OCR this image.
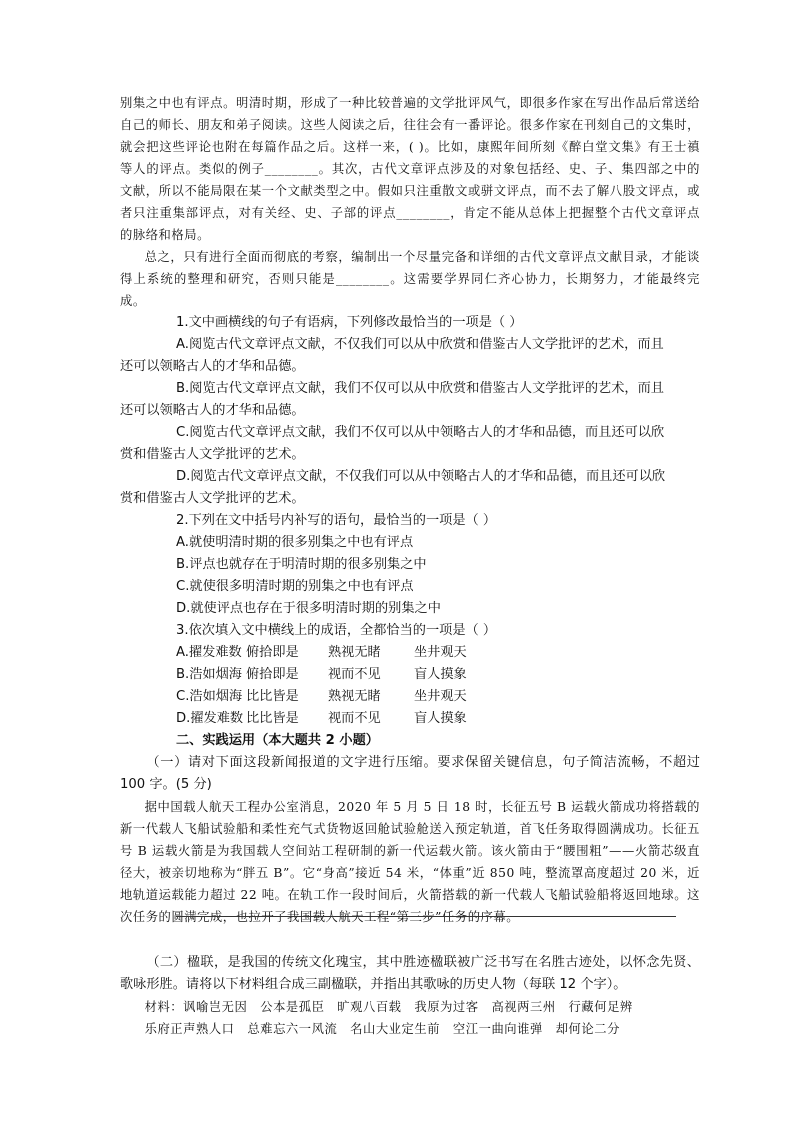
别集之中也有评点。明清时期，形成了一种比较普遍的文学批评风气，即很多作家在写出作品后常送给自己的师长、朋友和弟子阅读。这些人阅读之后，往往会有一番评论。很多作家在刊刻自己的文集时，就会把这些评论也附在每篇作品之后。这样一来，( )。比如，康熙年间所刻《醉白堂文集》有王士禛等人的评点。类似的例子________。其次，古代文章评点涉及的对象包括经、史、子、集四部之中的文献，所以不能局限在某一个文献类型之中。假如只注重散文或骈文评点，而不去了解八股文评点，或者只注重集部评点，对有关经、史、子部的评点________，肯定不能从总体上把握整个古代文章评点的脉络和格局。

总之，只有进行全面而彻底的考察，编制出一个尽量完备和详细的古代文章评点文献目录，才能谈得上系统的整理和研究，否则只能是________。这需要学界同仁齐心协力，长期努力，才能最终完成。

1.文中画横线的句子有语病，下列修改最恰当的一项是（ ）

A.阅览古代文章评点文献，不仅我们可以从中欣赏和借鉴古人文学批评的艺术，而且

还可以领略古人的才华和品德。

B.阅览古代文章评点文献，我们不仅可以从中欣赏和借鉴古人文学批评的艺术，而且

还可以领略古人的才华和品德。

C.阅览古代文章评点文献，我们不仅可以从中领略古人的才华和品德，而且还可以欣

赏和借鉴古人文学批评的艺术。

D.阅览古代文章评点文献，不仅我们可以从中领略古人的才华和品德，而且还可以欣

赏和借鉴古人文学批评的艺术。

2.下列在文中括号内补写的语句，最恰当的一项是（ ）

A.就使明清时期的很多别集之中也有评点

B.评点也就存在于明清时期的很多别集之中

C.就使很多明清时期的别集之中也有评点

D.就使评点也存在于很多明清时期的别集之中

3.依次填入文中横线上的成语，全都恰当的一项是（ ）

A.擢发难数 俯拾即是	熟视无睹	坐井观天
B.浩如烟海 俯拾即是	视而不见	盲人摸象
C.浩如烟海 比比皆是	熟视无睹	坐井观天
D.擢发难数 比比皆是	视而不见	盲人摸象

二、实践运用（本大题共 2 小题）

（一）请对下面这段新闻报道的文字进行压缩。要求保留关键信息，句子简洁流畅，不超过 100 字。(5 分)

据中国载人航天工程办公室消息，2020 年 5 月 5 日 18 时，长征五号 B 运载火箭成功将搭载的新一代载人飞船试验船和柔性充气式货物返回舱试验舱送入预定轨道，首飞任务取得圆满成功。长征五号 B 运载火箭是为我国载人空间站工程研制的新一代运载火箭。该火箭由于“腰围粗”——火箭芯级直径大，被亲切地称为“胖五 B”。它“身高”接近 54 米，“体重”近 850 吨，整流罩高度超过 20 米，近地轨道运载能力超过 22 吨。在轨工作一段时间后，火箭搭载的新一代载人飞船试验船将返回地球。这次任务的圆满完成，也拉开了我国载人航天工程“第三步”任务的序幕。

（二）楹联，是我国的传统文化瑰宝，其中胜迹楹联被广泛书写在名胜古迹处，以怀念先贤、歌咏形胜。请将以下材料组合成三副楹联，并指出其歌咏的历史人物（每联 12 个字）。

材料：讽喻岂无因　公本是孤臣　旷观八百载　我原为过客　高视两三州　行藏何足辨

乐府正声熟人口　总难忘六一风流　名山大业定生前　空江一曲向谁弹　却何论二分
